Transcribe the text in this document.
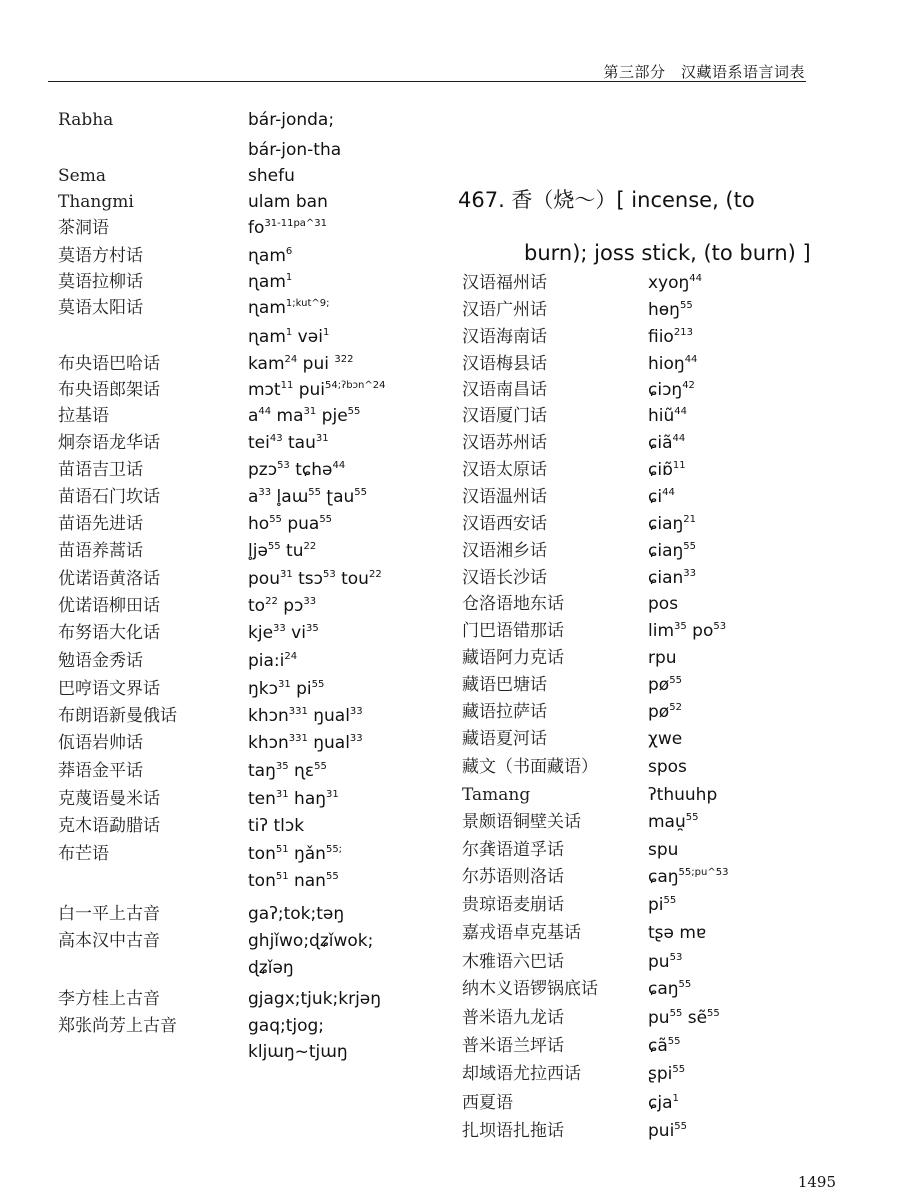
第三部分　汉藏语系语言词表
Rabha	bár-jonda;
bár-jon-tha
Sema	shefu
Thangmi	ulam ban
茶洞语	$fo^{31-11pa\^{}31}$
莫语方村话	ɳam$^6$
莫语拉柳话	ɳam$^1$
莫语太阳话	ɳam$^{1;kut\^{}9;}$
ɳam$^1$ vəi$^1$
布央语巴哈话	kam$^{24}$ pui $^{322}$
布央语郎架话	mɔt$^{11}$ pui$^{54;ʔbɔn\^{}24}$
拉基语	$a^{44}$ $ma^{31}$ pje$^{55}$
炯奈语龙华话	tei$^{43}$ tau$^{31}$
苗语吉卫话	pzɔ$^{53}$ tɕhə$^{44}$
苗语石门坎话	$a^{33}$ l̥aɯ$^{55}$ ʈau$^{55}$
苗语先进话	$ho^{55}$ pua$^{55}$
苗语养蒿话	l̥jə$^{55}$ $tu^{22}$
优诺语黄洛话	pou$^{31}$ tsɔ$^{53}$ tou$^{22}$
优诺语柳田话	$to^{22}$ pɔ$^{33}$
布努语大化话	kje$^{33}$ $vi^{35}$
勉语金秀话	$pia:i^{24}$
巴哼语文界话	ŋkɔ$^{31}$ $pi^{55}$
布朗语新曼俄话	khɔn$^{331}$ ŋual$^{33}$
佤语岩帅话	khɔn$^{331}$ ŋual$^{33}$
莽语金平话	taŋ$^{35}$ ɳɛ$^{55}$
克蔑语曼米话	ten$^{31}$ haŋ$^{31}$
克木语勐腊话	tiʔ tlɔk
布芒语	ton$^{51}$ ŋǎn$^{55;}$
ton$^{51}$ nan$^{55}$
白一平上古音	gaʔ;tok;təŋ
高本汉中古音	ghjǐwo;ɖʑǐwok;
ɖʑǐəŋ
李方桂上古音	gjagx;tjuk;krjəŋ
郑张尚芳上古音	gaq;tjog;
kljɯŋ~tjɯŋ
467. 香（烧～）[ incense, (to
burn); joss stick, (to burn) ]
汉语福州话	xyoŋ$^{44}$
汉语广州话	hɵŋ$^{55}$
汉语海南话	fiio$^{213}$
汉语梅县话	hioŋ$^{44}$
汉语南昌话	ɕiɔŋ$^{42}$
汉语厦门话	hiũ$^{44}$
汉语苏州话	ɕiã$^{44}$
汉语太原话	ɕiɒ̃$^{11}$
汉语温州话	ɕi$^{44}$
汉语西安话	ɕiaŋ$^{21}$
汉语湘乡话	ɕiaŋ$^{55}$
汉语长沙话	ɕian$^{33}$
仓洛语地东话	pos
门巴语错那话	$\lim^{35} po^{53}$
藏语阿力克话	rpu
藏语巴塘话	$pø^{55}$
藏语拉萨话	$pø^{52}$
藏语夏河话	χwe
藏文（书面藏语）	spos
Tamang	ʔthuuhp
景颇语铜壁关话	mau̯$^{55}$
尔龚语道孚话	spu
尔苏语则洛话	ɕaŋ$^{55;pu\^{}53}$
贵琼语麦崩话	$pi^{55}$
嘉戎语卓克基话	tʂə mɐ
木雅语六巴话	$pu^{53}$
纳木义语锣锅底话	ɕaŋ$^{55}$
普米语九龙话	$pu^{55}$ sẽ$^{55}$
普米语兰坪话	ɕã$^{55}$
却域语尤拉西话	ʂpi$^{55}$
西夏语	ɕja$^1$
扎坝语扎拖话	pui$^{55}$
1495
